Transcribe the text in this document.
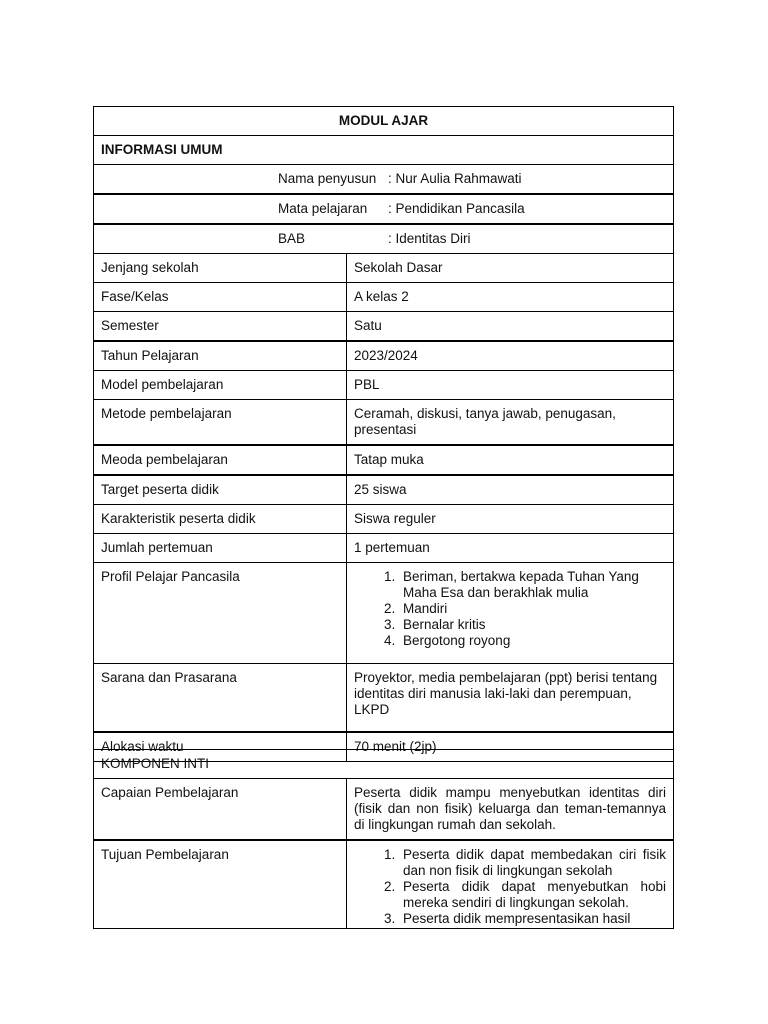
MODUL AJAR
INFORMASI UMUM
Nama penyusun : Nur Aulia Rahmawati
Mata pelajaran	: Pendidikan Pancasila
BAB	: Identitas Diri
Jenjang sekolah	Sekolah Dasar
Fase/Kelas	A kelas 2
Semester	Satu
Tahun Pelajaran	2023/2024
Model pembelajaran	PBL
Metode pembelajaran	Ceramah, diskusi, tanya jawab, penugasan, presentasi
Meoda pembelajaran	Tatap muka
Target peserta didik	25 siswa
Karakteristik peserta didik	Siswa reguler
Jumlah pertemuan	1 pertemuan
Profil Pelajar Pancasila	1. Beriman, bertakwa kepada Tuhan Yang Maha Esa dan berakhlak mulia
2. Mandiri
3. Bernalar kritis
4. Bergotong royong
Sarana dan Prasarana	Proyektor, media pembelajaran (ppt) berisi tentang identitas diri manusia laki-laki dan perempuan, LKPD
Alokasi waktu	70 menit (2jp)
KOMPONEN INTI
Capaian Pembelajaran	Peserta didik mampu menyebutkan identitas diri (fisik dan non fisik) keluarga dan teman-temannya di lingkungan rumah dan sekolah.
Tujuan Pembelajaran	1. Peserta didik dapat membedakan ciri fisik dan non fisik di lingkungan sekolah
2. Peserta didik dapat menyebutkan hobi mereka sendiri di lingkungan sekolah.
3. Peserta didik mempresentasikan hasil
